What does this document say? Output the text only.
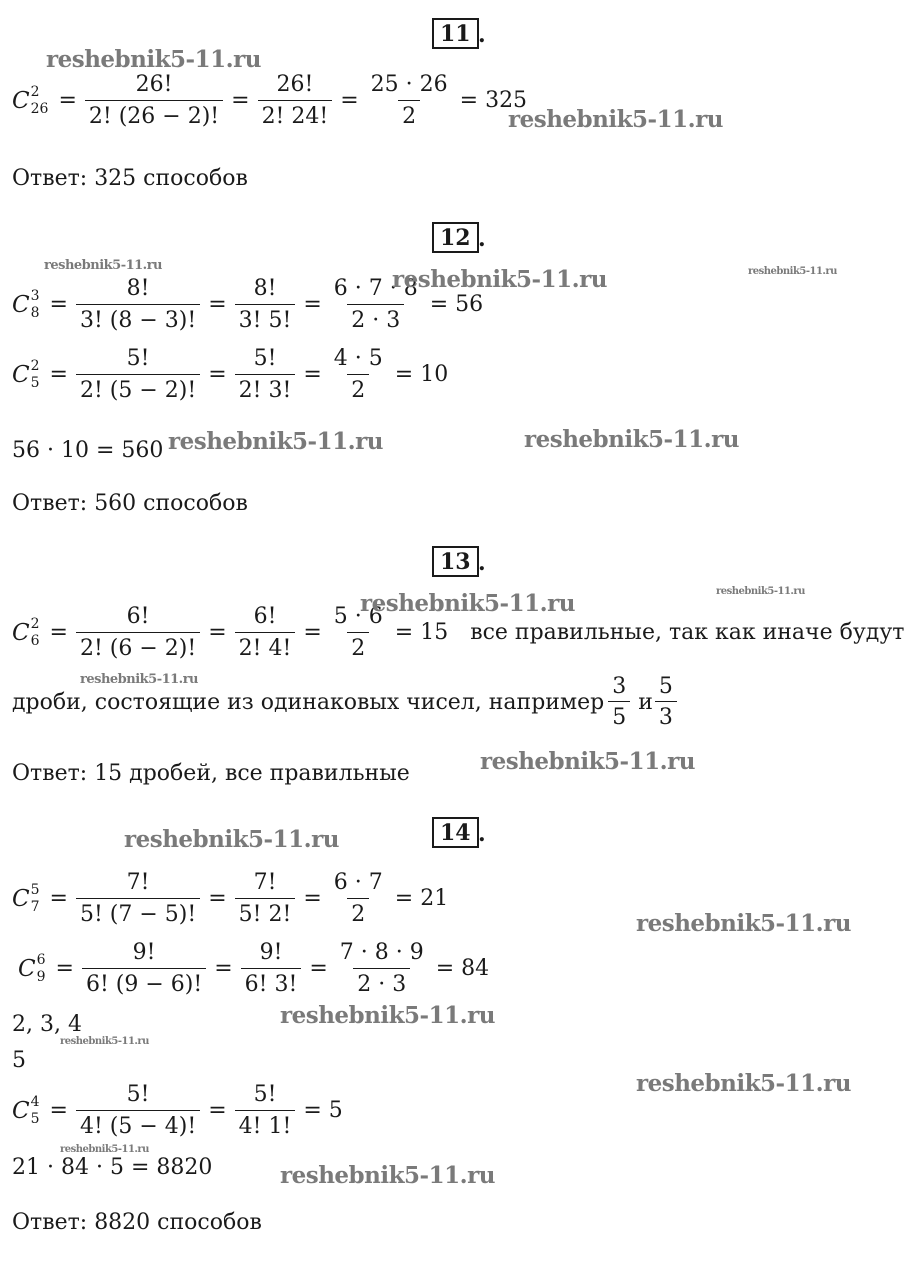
11 .
C 2
$26 = \frac{26!}{2! (26 - 2)!} = \frac{26!}{2! 24!} = \frac{25 \cdot 26}{2} = 325$
Ответ: 325 способов
12 .
C 3
$8 = \frac{8!}{3! (8 - 3)!} = \frac{8!}{3! 5!} = \frac{6 \cdot 7 \cdot 8}{2 \cdot 3} = 56$
C 2
$5 = \frac{5!}{2! (5 - 2)!} = \frac{5!}{2! 3!} = \frac{4 \cdot 5}{2} = 10$
56 · 10 = 560
Ответ: 560 способов
13 .
C 2
$6 = \frac{6!}{2! (6 - 2)!} = \frac{6!}{2! 4!} = \frac{5 \cdot 6}{2} = 15$ все правильные, так как иначе будут
дроби, состоящие из одинаковых чисел, например $\frac{3}{5}$ и $\frac{5}{3}$
Ответ: 15 дробей, все правильные
14 .
C 5
$7 = \frac{7!}{5! (7 - 5)!} = \frac{7!}{5! 2!} = \frac{6 \cdot 7}{2} = 21$
C 6
$9 = \frac{9!}{6! (9 - 6)!} = \frac{9!}{6! 3!} = \frac{7 \cdot 8 \cdot 9}{2 \cdot 3} = 84$
2, 3, 4
5
C 4
$5 = \frac{5!}{4! (5 - 4)!} = \frac{5!}{4! 1!} = 5$
21 · 84 · 5 = 8820
Ответ: 8820 способов
reshebnik5-11.ru
reshebnik5-11.ru
reshebnik5-11.ru
reshebnik5-11.ru	reshebnik5-11.ru
reshebnik5-11.ru	reshebnik5-11.ru
reshebnik5-11.ru	reshebnik5-11.ru
reshebnik5-11.ru
reshebnik5-11.ru
reshebnik5-11.ru
reshebnik5-11.ru
reshebnik5-11.ru
reshebnik5-11.ru
reshebnik5-11.ru
reshebnik5-11.ru
reshebnik5-11.ru
